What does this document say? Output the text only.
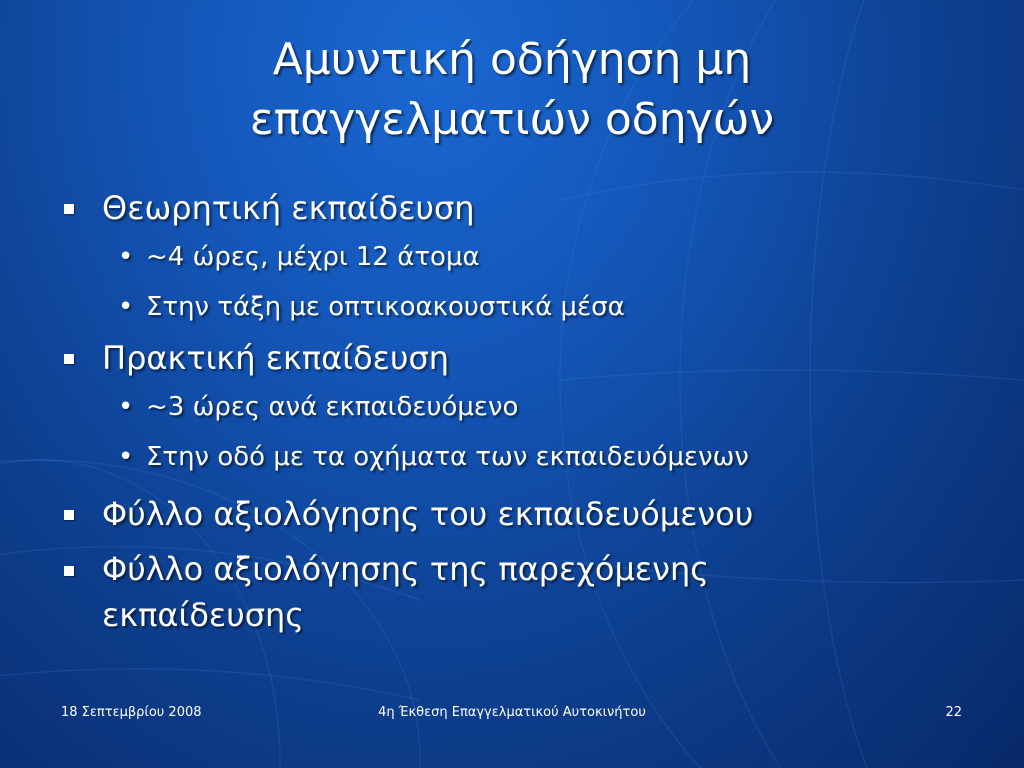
Αμυντική οδήγηση μη
επαγγελματιών οδηγών
Θεωρητική εκπαίδευση
• ~4 ώρες, μέχρι 12 άτομα
• Στην τάξη με οπτικοακουστικά μέσα
Πρακτική εκπαίδευση
• ~3 ώρες ανά εκπαιδευόμενο
• Στην οδό με τα οχήματα των εκπαιδευόμενων
Φύλλο αξιολόγησης του εκπαιδευόμενου
Φύλλο αξιολόγησης της παρεχόμενης εκπαίδευσης
18 Σεπτεμβρίου 2008	4η Έκθεση Επαγγελματικού Αυτοκινήτου	22
